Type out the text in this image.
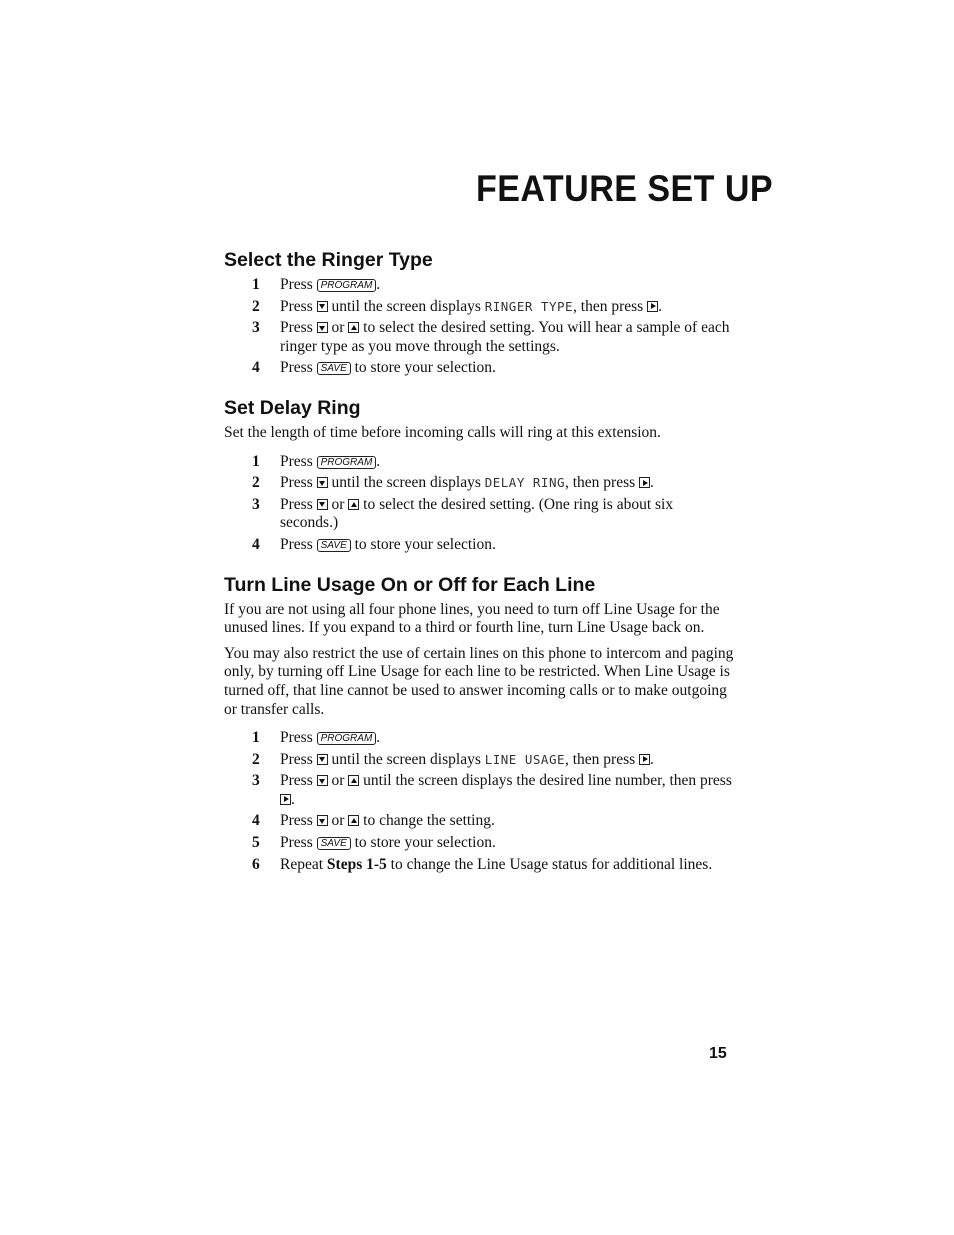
FEATURE SET UP
Select the Ringer Type
1 Press PROGRAM .
2 Press until the screen displays RINGER TYPE, then press .
3 Press or to select the desired setting. You will hear a sample of each ringer type as you move through the settings.
4 Press SAVE to store your selection.
Set Delay Ring

Set the length of time before incoming calls will ring at this extension.

1 Press PROGRAM .
2 Press until the screen displays DELAY RING, then press .
3 Press or to select the desired setting. (One ring is about six seconds.)
4 Press SAVE to store your selection.
Turn Line Usage On or Off for Each Line

If you are not using all four phone lines, you need to turn off Line Usage for the unused lines. If you expand to a third or fourth line, turn Line Usage back on.

You may also restrict the use of certain lines on this phone to intercom and paging only, by turning off Line Usage for each line to be restricted. When Line Usage is turned off, that line cannot be used to answer incoming calls or to make outgoing or transfer calls.

1 Press PROGRAM .
2 Press until the screen displays LINE USAGE, then press .
3 Press or until the screen displays the desired line number, then press .
4 Press or to change the setting.
5 Press SAVE to store your selection.
6 Repeat Steps 1-5 to change the Line Usage status for additional lines.
15
